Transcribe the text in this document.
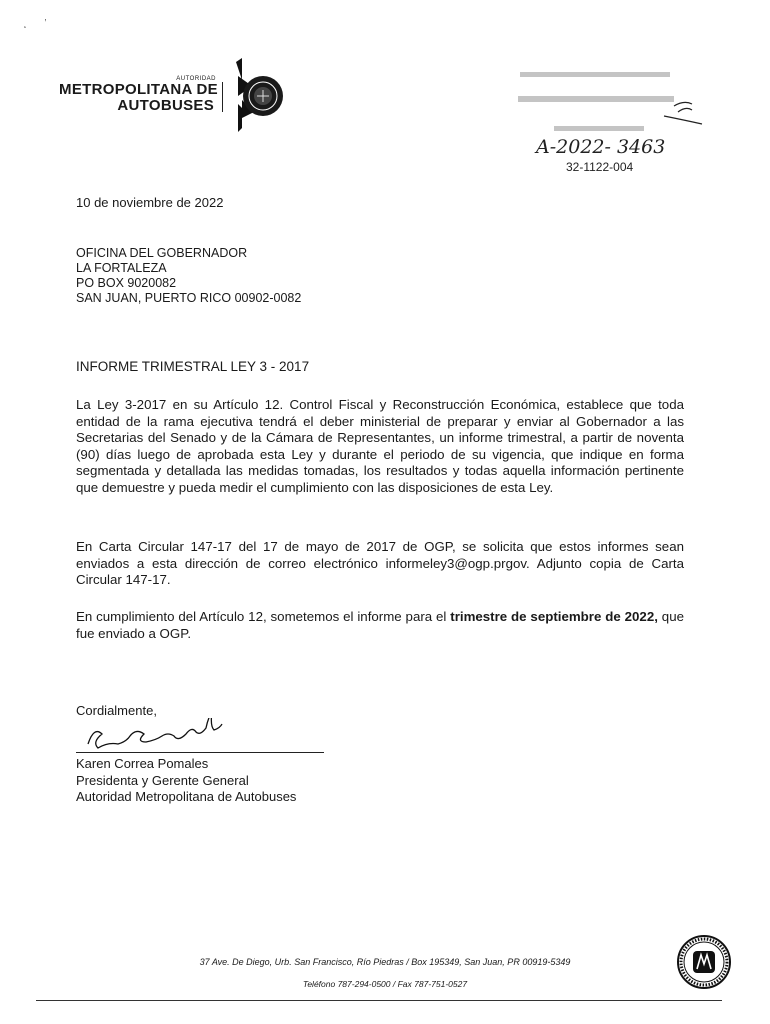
˛       ʼ
AUTORIDAD
METROPOLITANA DE
AUTOBUSES
A-2022- 3463
32-1122-004
10 de noviembre de 2022
OFICINA DEL GOBERNADOR
LA FORTALEZA
PO BOX 9020082
SAN JUAN, PUERTO RICO 00902-0082
INFORME TRIMESTRAL LEY 3 - 2017
La Ley 3-2017 en su Artículo 12. Control Fiscal y Reconstrucción Económica, establece que toda entidad de la rama ejecutiva tendrá el deber ministerial de preparar y enviar al Gobernador a las Secretarias del Senado y de la Cámara de Representantes, un informe trimestral, a partir de noventa (90) días luego de aprobada esta Ley y durante el periodo de su vigencia, que indique en forma segmentada y detallada las medidas tomadas, los resultados y todas aquella información pertinente que demuestre y pueda medir el cumplimiento con las disposiciones de esta Ley.
En Carta Circular 147-17 del 17 de mayo de 2017 de OGP, se solicita que estos informes sean enviados a esta dirección de correo electrónico informeley3@ogp.prgov. Adjunto copia de Carta Circular 147-17.
En cumplimiento del Artículo 12, sometemos el informe para el trimestre de septiembre de 2022, que fue enviado a OGP.
Cordialmente,
Karen Correa Pomales
Presidenta y Gerente General
Autoridad Metropolitana de Autobuses
37 Ave. De Diego, Urb. San Francisco, Río Piedras / Box 195349, San Juan, PR 00919-5349
Teléfono 787-294-0500 / Fax 787-751-0527
